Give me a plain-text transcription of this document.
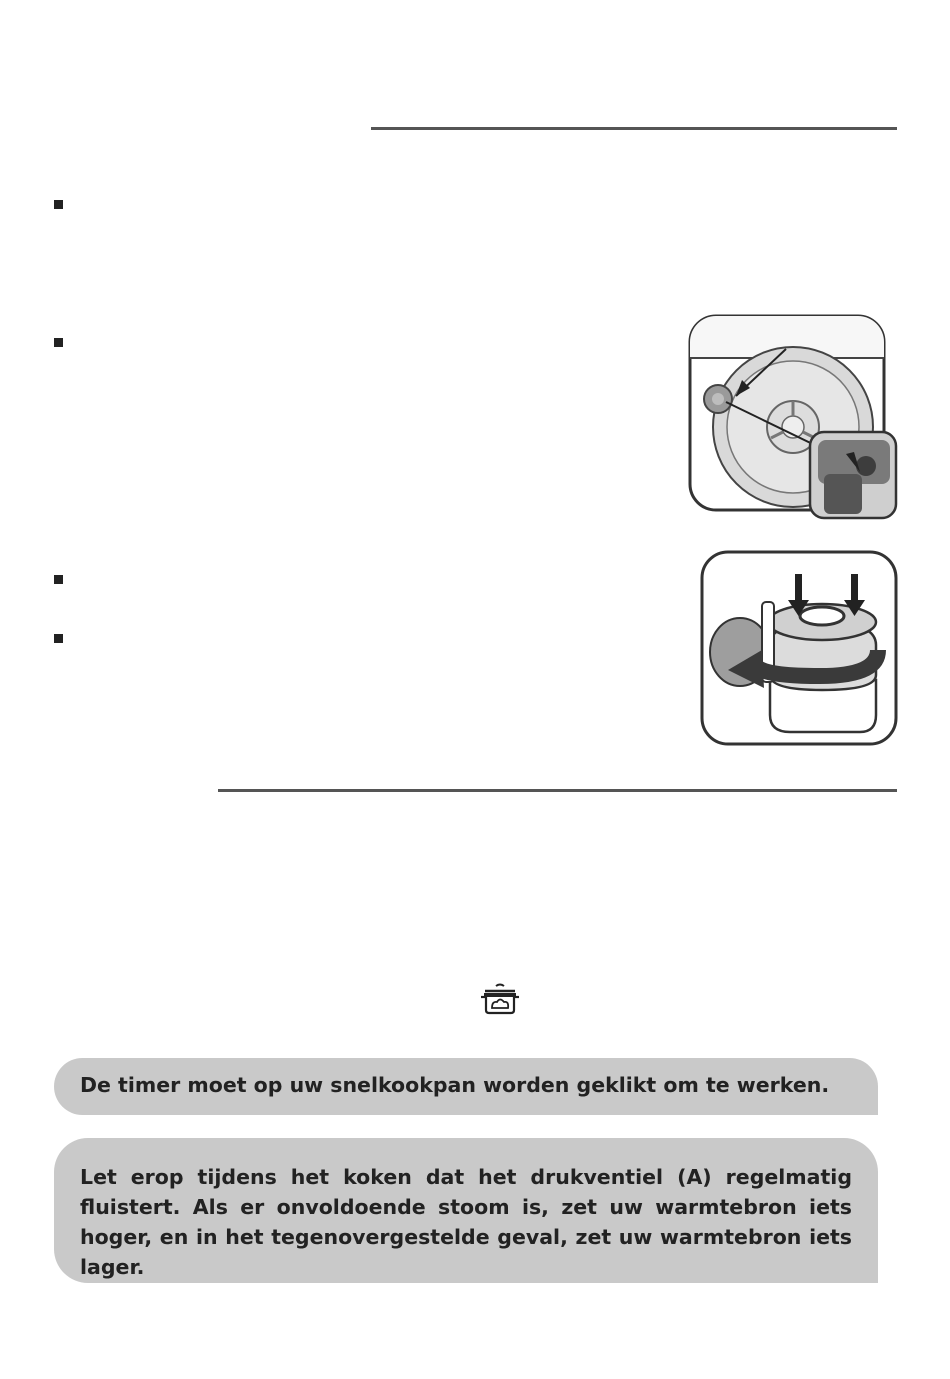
De timer moet op uw snelkookpan worden geklikt om te werken.

Let erop tijdens het koken dat het drukventiel (A) regelmatig fluistert. Als er onvoldoende stoom is, zet uw warmtebron iets hoger, en in het tegenovergestelde geval, zet uw warmtebron iets lager.
